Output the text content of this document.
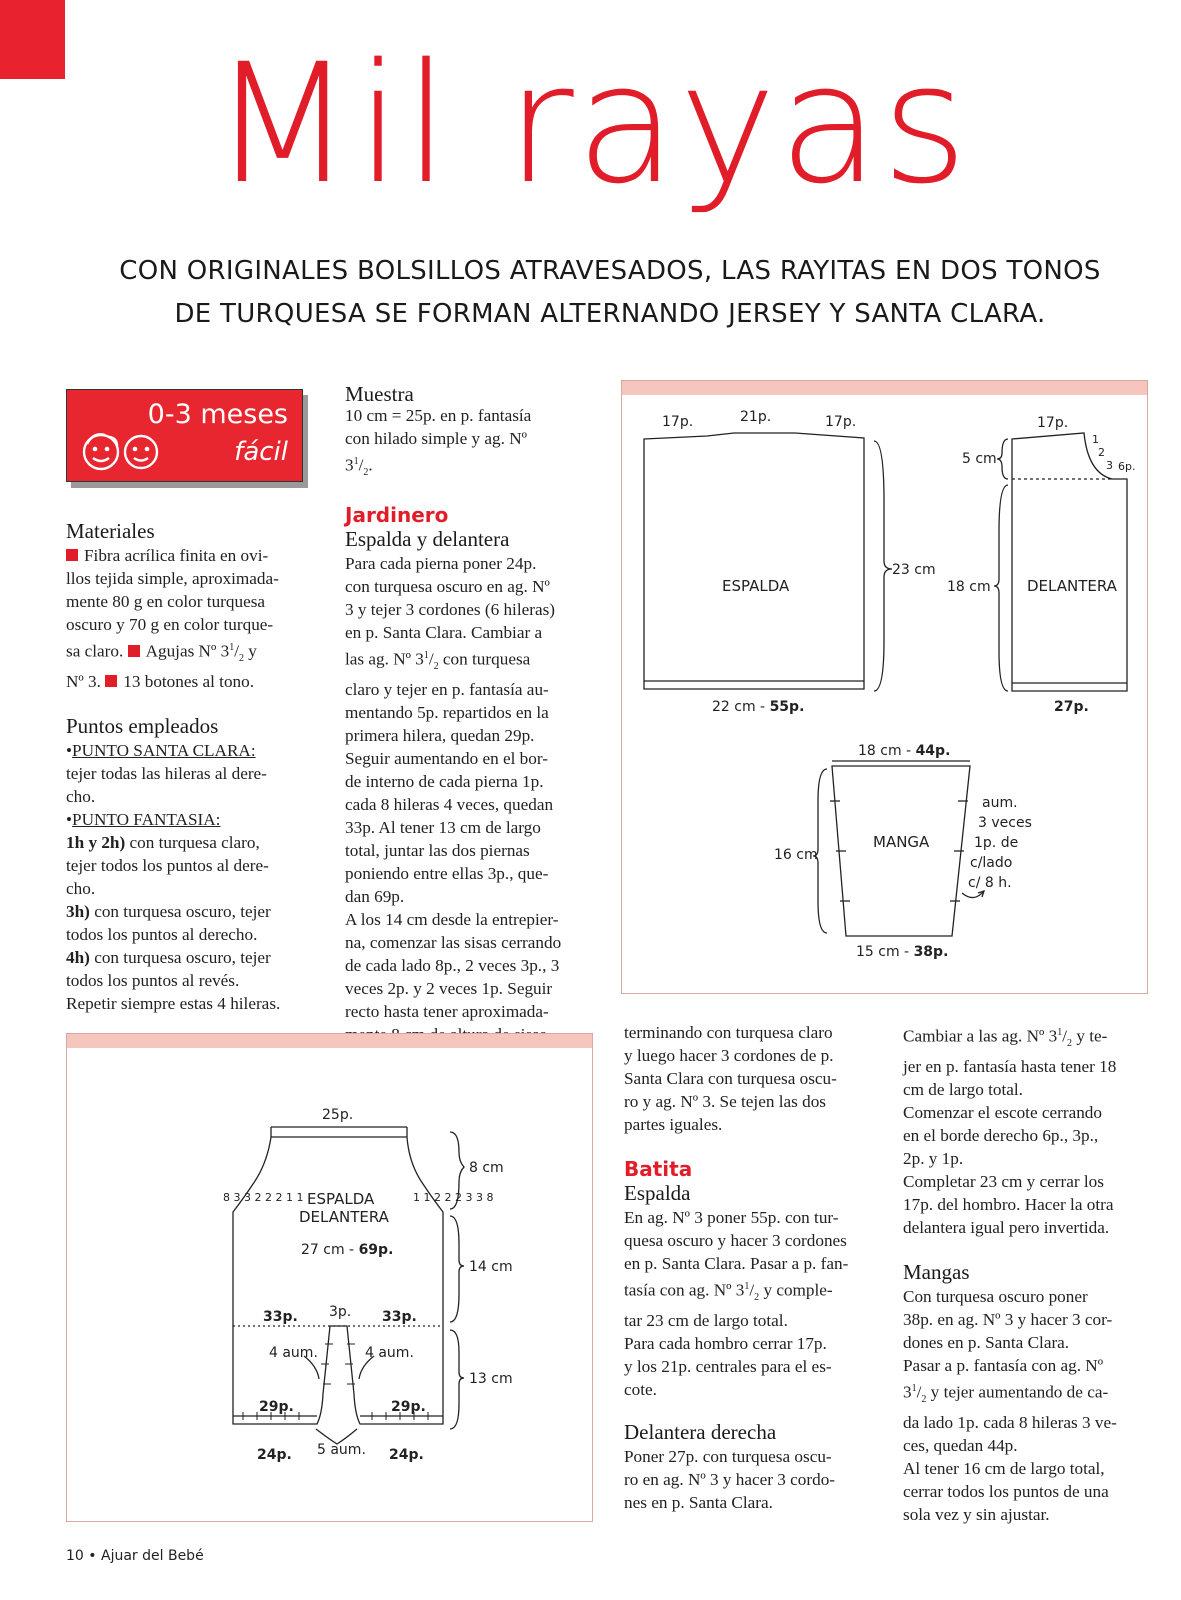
Mil rayas
CON ORIGINALES BOLSILLOS ATRAVESADOS, LAS RAYITAS EN DOS TONOS
DE TURQUESA SE FORMAN ALTERNANDO JERSEY Y SANTA CLARA.
0-3 meses
fácil
Materiales

Fibra acrílica finita en ovi-
llos tejida simple, aproximada-
mente 80 g en color turquesa
oscuro y 70 g en color turque-
sa claro. Agujas Nº $3^1/_2$ y
Nº 3. 13 botones al tono.

Puntos empleados

•PUNTO SANTA CLARA:
tejer todas las hileras al dere-
cho.
•PUNTO FANTASIA:
1h y 2h) con turquesa claro,
tejer todos los puntos al dere-
cho.
3h) con turquesa oscuro, tejer
todos los puntos al derecho.
4h) con turquesa oscuro, tejer
todos los puntos al revés.
Repetir siempre estas 4 hileras.

Muestra

10 cm = 25p. en p. fantasía
con hilado simple y ag. Nº
$3^1/_2$.

Jardinero
Espalda y delantera

Para cada pierna poner 24p.
con turquesa oscuro en ag. Nº
3 y tejer 3 cordones (6 hileras)
en p. Santa Clara. Cambiar a
las ag. Nº $3^1/_2$ con turquesa
claro y tejer en p. fantasía au-
mentando 5p. repartidos en la
primera hilera, quedan 29p.
Seguir aumentando en el bor-
de interno de cada pierna 1p.
cada 8 hileras 4 veces, quedan
33p. Al tener 13 cm de largo
total, juntar las dos piernas
poniendo entre ellas 3p., que-
dan 69p.
A los 14 cm desde la entrepier-
na, comenzar las sisas cerrando
de cada lado 8p., 2 veces 3p., 3
veces 2p. y 2 veces 1p. Seguir
recto hasta tener aproximada-

terminando con turquesa claro
y luego hacer 3 cordones de p.
Santa Clara con turquesa oscu-
ro y ag. Nº 3. Se tejen las dos
partes iguales.

Batita
Espalda

En ag. Nº 3 poner 55p. con tur-
quesa oscuro y hacer 3 cordones
en p. Santa Clara. Pasar a p. fan-
tasía con ag. Nº $3^1/_2$ y comple-
tar 23 cm de largo total.
Para cada hombro cerrar 17p.
y los 21p. centrales para el es-
cote.

Delantera derecha

Poner 27p. con turquesa oscu-
ro en ag. Nº 3 y hacer 3 cordo-
nes en p. Santa Clara.

Cambiar a las ag. Nº $3^1/_2$ y te-
jer en p. fantasía hasta tener 18
cm de largo total.
Comenzar el escote cerrando
en el borde derecho 6p., 3p.,
2p. y 1p.
Completar 23 cm y cerrar los
17p. del hombro. Hacer la otra
delantera igual pero invertida.

Mangas

Con turquesa oscuro poner
38p. en ag. Nº 3 y hacer 3 cor-
dones en p. Santa Clara.
Pasar a p. fantasía con ag. Nº
$3^1/_2$ y tejer aumentando de ca-
da lado 1p. cada 8 hileras 3 ve-
ces, quedan 44p.
Al tener 16 cm de largo total,
cerrar todos los puntos de una
sola vez y sin ajustar.

17p.	21p.	17p.
ESPALDA
23 cm
22 cm - 55p.
17p.
5 cm
18 cm DELANTERA
27p.
1
2
3 6p.
18 cm - 44p.
MANGA
16 cm
15 cm - 38p.
aum.
3 veces
1p. de
c/lado
c/ 8 h.
25p.
ESPALDA
DELANTERA
27 cm - 69p.
8 3 3 2 2 2 1 1	1 1 2 2 2 3 3 8
8 cm
14 cm
13 cm
33p. 3p. 33p.
4 aum.	4 aum.
29p.	29p.
24p. 5 aum. 24p.
10 • Ajuar del Bebé
